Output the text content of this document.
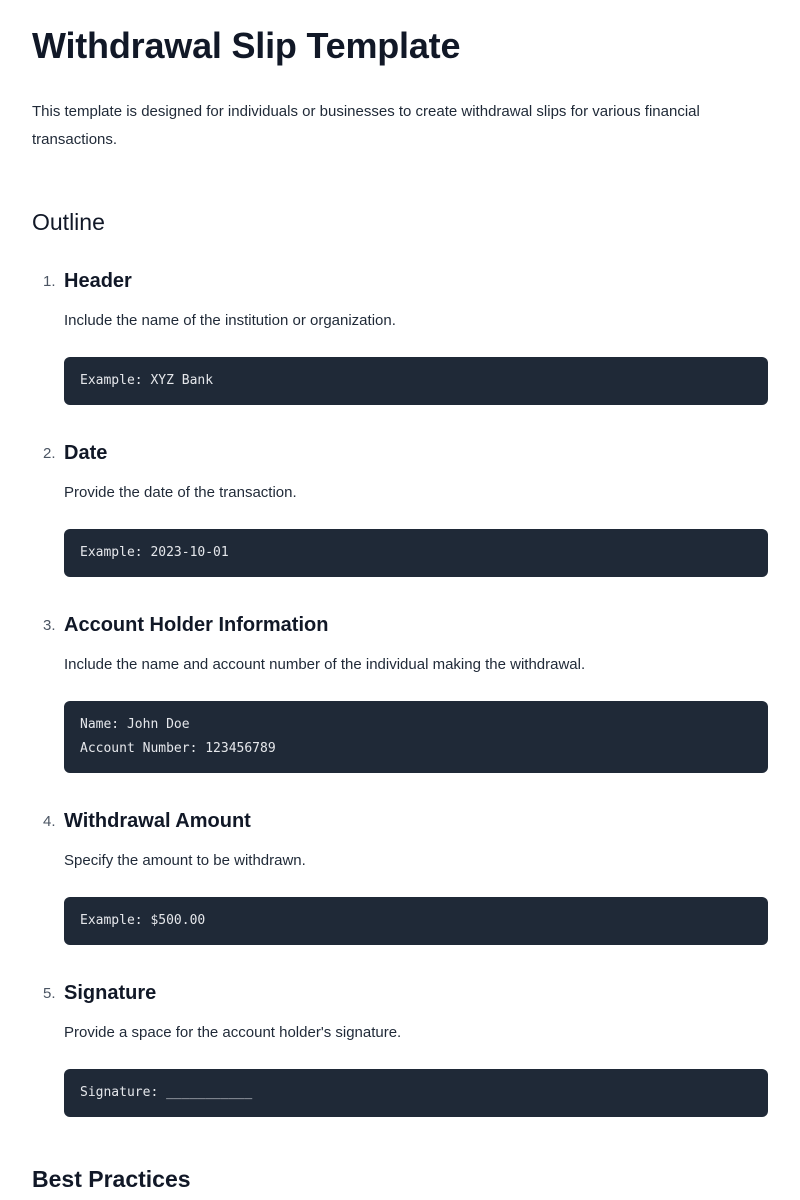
Withdrawal Slip Template

This template is designed for individuals or businesses to create withdrawal slips for various financial transactions.

Outline
1. Header

Include the name of the institution or organization.

Example: XYZ Bank
2. Date

Provide the date of the transaction.

Example: 2023-10-01
3. Account Holder Information

Include the name and account number of the individual making the withdrawal.

Name: John Doe
Account Number: 123456789
4. Withdrawal Amount

Specify the amount to be withdrawn.

Example: $500.00
5. Signature

Provide a space for the account holder's signature.

Signature: ___________
Best Practices
